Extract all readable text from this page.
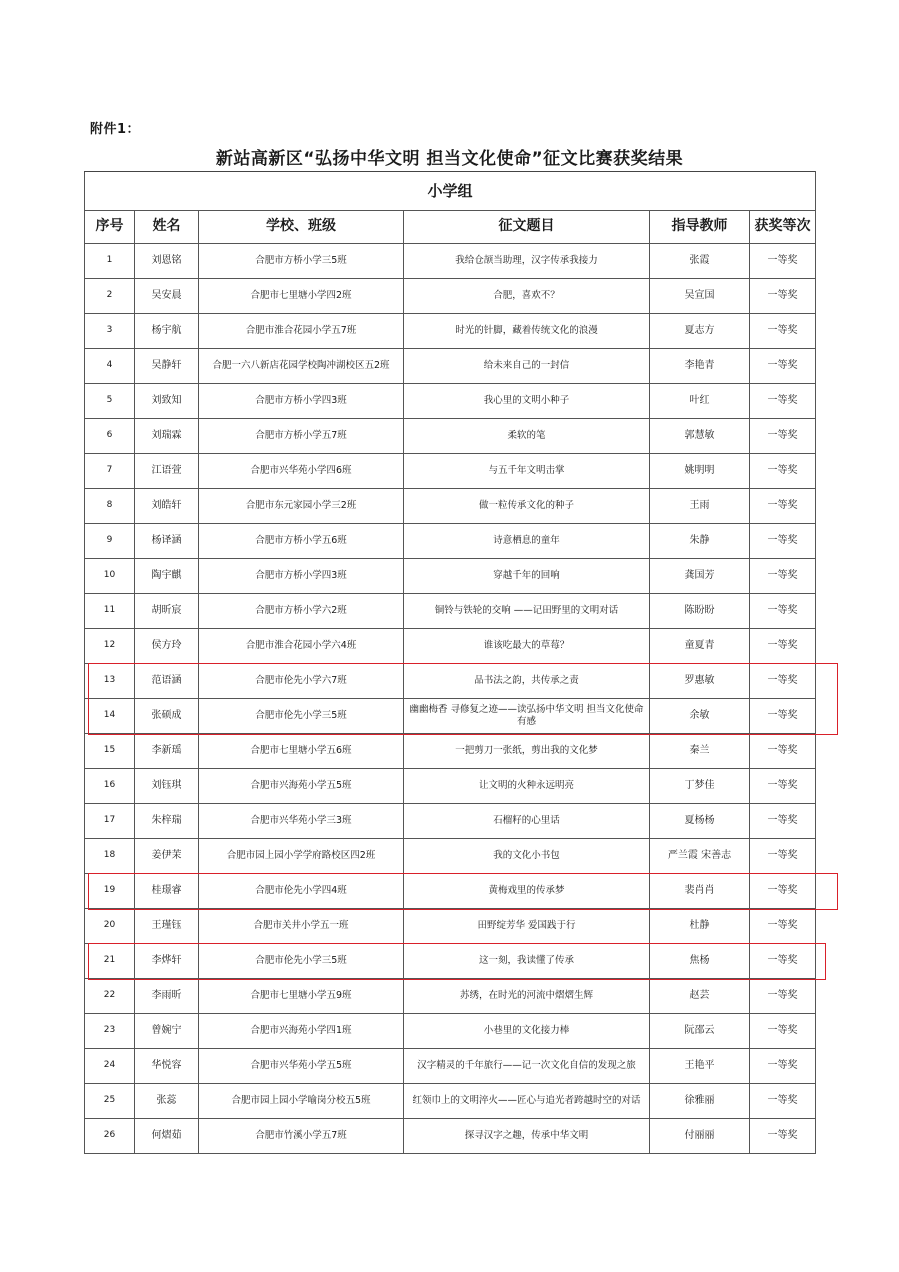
附件1：
新站高新区“弘扬中华文明 担当文化使命”征文比赛获奖结果
小学组					
序号	姓名	学校、班级	征文题目	指导教师	获奖等次
1	刘恩铭	合肥市方桥小学三5班	我给仓颉当助理，汉字传承我接力	张霞	一等奖
2	吴安晨	合肥市七里塘小学四2班	合肥，喜欢不？	吴宣国	一等奖
3	杨宇航	合肥市淮合花园小学五7班	时光的针脚，藏着传统文化的浪漫	夏志方	一等奖
4	吴静轩	合肥一六八新店花园学校陶冲湖校区五2班	给未来自己的一封信	李艳青	一等奖
5	刘致知	合肥市方桥小学四3班	我心里的文明小种子	叶红	一等奖
6	刘瑞霖	合肥市方桥小学五7班	柔软的笔	郭慧敏	一等奖
7	江语萱	合肥市兴华苑小学四6班	与五千年文明击掌	姚明明	一等奖
8	刘皓轩	合肥市东元家园小学三2班	做一粒传承文化的种子	王雨	一等奖
9	杨译涵	合肥市方桥小学五6班	诗意栖息的童年	朱静	一等奖
10	陶宇麒	合肥市方桥小学四3班	穿越千年的回响	龚国芳	一等奖
11	胡昕宸	合肥市方桥小学六2班	铜铃与铁轮的交响 ——记田野里的文明对话	陈盼盼	一等奖
12	侯方玲	合肥市淮合花园小学六4班	谁该吃最大的草莓？	童夏青	一等奖
13	范语涵	合肥市伦先小学六7班	品书法之韵，共传承之责	罗惠敏	一等奖
14	张硕成	合肥市伦先小学三5班	幽幽梅香 寻修复之迹——读弘扬中华文明 担当文化使命有感	余敏	一等奖
15	李新瑶	合肥市七里塘小学五6班	一把剪刀一张纸，剪出我的文化梦	秦兰	一等奖
16	刘钰琪	合肥市兴海苑小学五5班	让文明的火种永远明亮	丁梦佳	一等奖
17	朱梓瑞	合肥市兴华苑小学三3班	石榴籽的心里话	夏杨杨	一等奖
18	姜伊茉	合肥市园上园小学学府路校区四2班	我的文化小书包	严兰霞 宋善志	一等奖
19	桂璟睿	合肥市伦先小学四4班	黄梅戏里的传承梦	裴肖肖	一等奖
20	王瑾钰	合肥市关井小学五一班	田野绽芳华 爱国践于行	杜静	一等奖
21	李烨轩	合肥市伦先小学三5班	这一刻，我读懂了传承	焦杨	一等奖
22	李雨昕	合肥市七里塘小学五9班	苏绣，在时光的河流中熠熠生辉	赵芸	一等奖
23	曾婉宁	合肥市兴海苑小学四1班	小巷里的文化接力棒	阮邵云	一等奖
24	华悦容	合肥市兴华苑小学五5班	汉字精灵的千年旅行——记一次文化自信的发现之旅	王艳平	一等奖
25	张蕊	合肥市园上园小学喻岗分校五5班	红领巾上的文明淬火——匠心与追光者跨越时空的对话	徐雅丽	一等奖
26	何熠茹	合肥市竹溪小学五7班	探寻汉字之趣，传承中华文明	付丽丽	一等奖
